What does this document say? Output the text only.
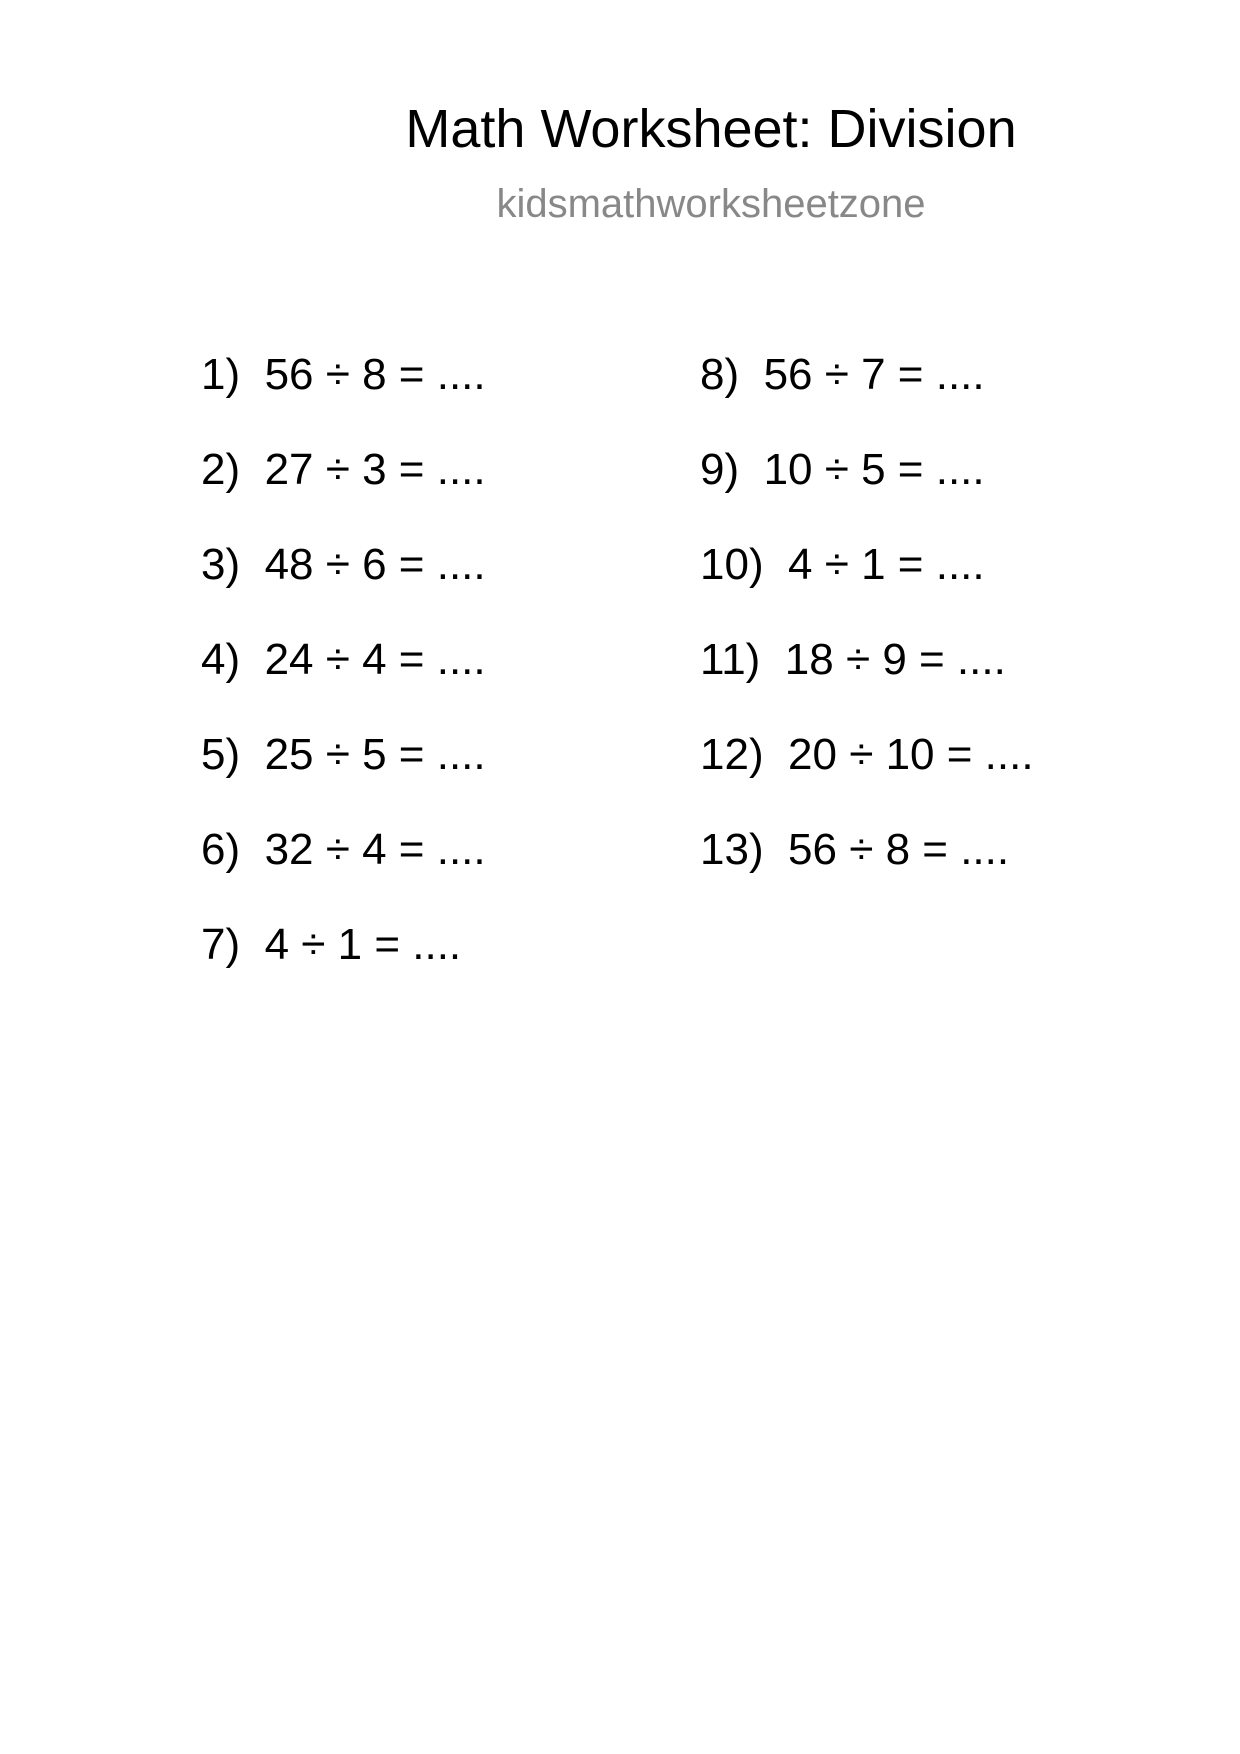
Math Worksheet: Division
kidsmathworksheetzone
1)  56 ÷ 8 = ....
2)  27 ÷ 3 = ....
3)  48 ÷ 6 = ....
4)  24 ÷ 4 = ....
5)  25 ÷ 5 = ....
6)  32 ÷ 4 = ....
7)  4 ÷ 1 = ....
8)  56 ÷ 7 = ....
9)  10 ÷ 5 = ....
10)  4 ÷ 1 = ....
11)  18 ÷ 9 = ....
12)  20 ÷ 10 = ....
13)  56 ÷ 8 = ....
